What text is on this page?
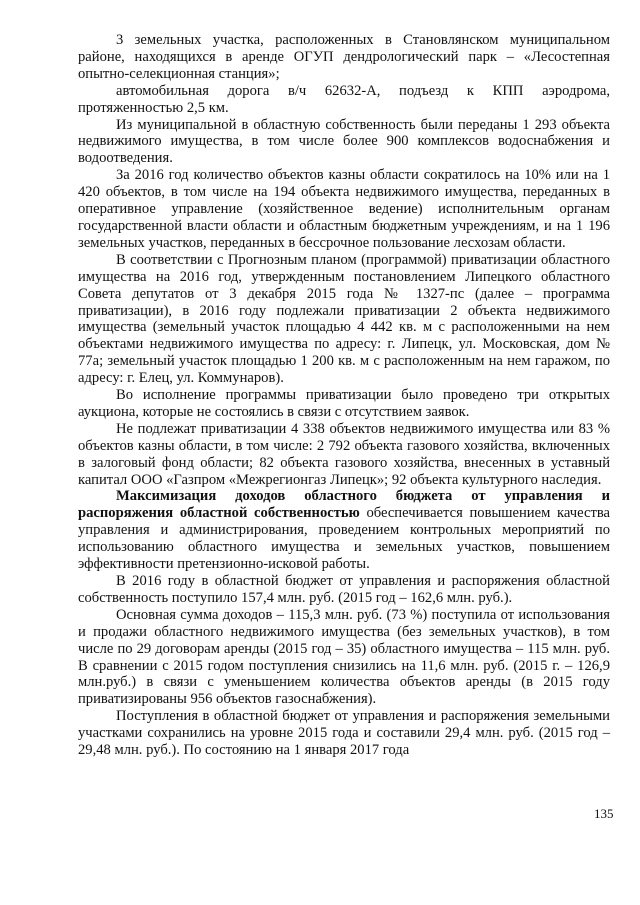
3 земельных участка, расположенных в Становлянском муниципальном районе, находящихся в аренде ОГУП дендрологический парк – «Лесостепная опытно-селекционная станция»;

автомобильная дорога в/ч 62632-А, подъезд к КПП аэродрома, протяженностью 2,5 км.

Из муниципальной в областную собственность были переданы 1 293 объекта недвижимого имущества, в том числе более 900 комплексов водоснабжения и водоотведения.

За 2016 год количество объектов казны области сократилось на 10% или на 1 420 объектов, в том числе на 194 объекта недвижимого имущества, переданных в оперативное управление (хозяйственное ведение) исполнительным органам государственной власти области и областным бюджетным учреждениям, и на 1 196 земельных участков, переданных в бессрочное пользование лесхозам области.

В соответствии с Прогнозным планом (программой) приватизации областного имущества на 2016 год, утвержденным постановлением Липецкого областного Совета депутатов от 3 декабря 2015 года № 1327-пс (далее – программа приватизации), в 2016 году подлежали приватизации 2 объекта недвижимого имущества (земельный участок площадью 4 442 кв. м с расположенными на нем объектами недвижимого имущества по адресу: г. Липецк, ул. Московская, дом № 77а; земельный участок площадью 1 200 кв. м с расположенным на нем гаражом, по адресу: г. Елец, ул. Коммунаров).

Во исполнение программы приватизации было проведено три открытых аукциона, которые не состоялись в связи с отсутствием заявок.

Не подлежат приватизации 4 338 объектов недвижимого имущества или 83 % объектов казны области, в том числе: 2 792 объекта газового хозяйства, включенных в залоговый фонд области; 82 объекта газового хозяйства, внесенных в уставный капитал ООО «Газпром «Межрегионгаз Липецк»; 92 объекта культурного наследия.

Максимизация доходов областного бюджета от управления и распоряжения областной собственностью обеспечивается повышением качества управления и администрирования, проведением контрольных мероприятий по использованию областного имущества и земельных участков, повышением эффективности претензионно-исковой работы.

В 2016 году в областной бюджет от управления и распоряжения областной собственность поступило 157,4 млн. руб. (2015 год – 162,6 млн. руб.).

Основная сумма доходов – 115,3 млн. руб. (73 %) поступила от использования и продажи областного недвижимого имущества (без земельных участков), в том числе по 29 договорам аренды (2015 год – 35) областного имущества – 115 млн. руб. В сравнении с 2015 годом поступления снизились на 11,6 млн. руб. (2015 г. – 126,9 млн.руб.) в связи с уменьшением количества объектов аренды (в 2015 году приватизированы 956 объектов газоснабжения).

Поступления в областной бюджет от управления и распоряжения земельными участками сохранились на уровне 2015 года и составили 29,4 млн. руб. (2015 год – 29,48 млн. руб.). По состоянию на 1 января 2017 года

135
